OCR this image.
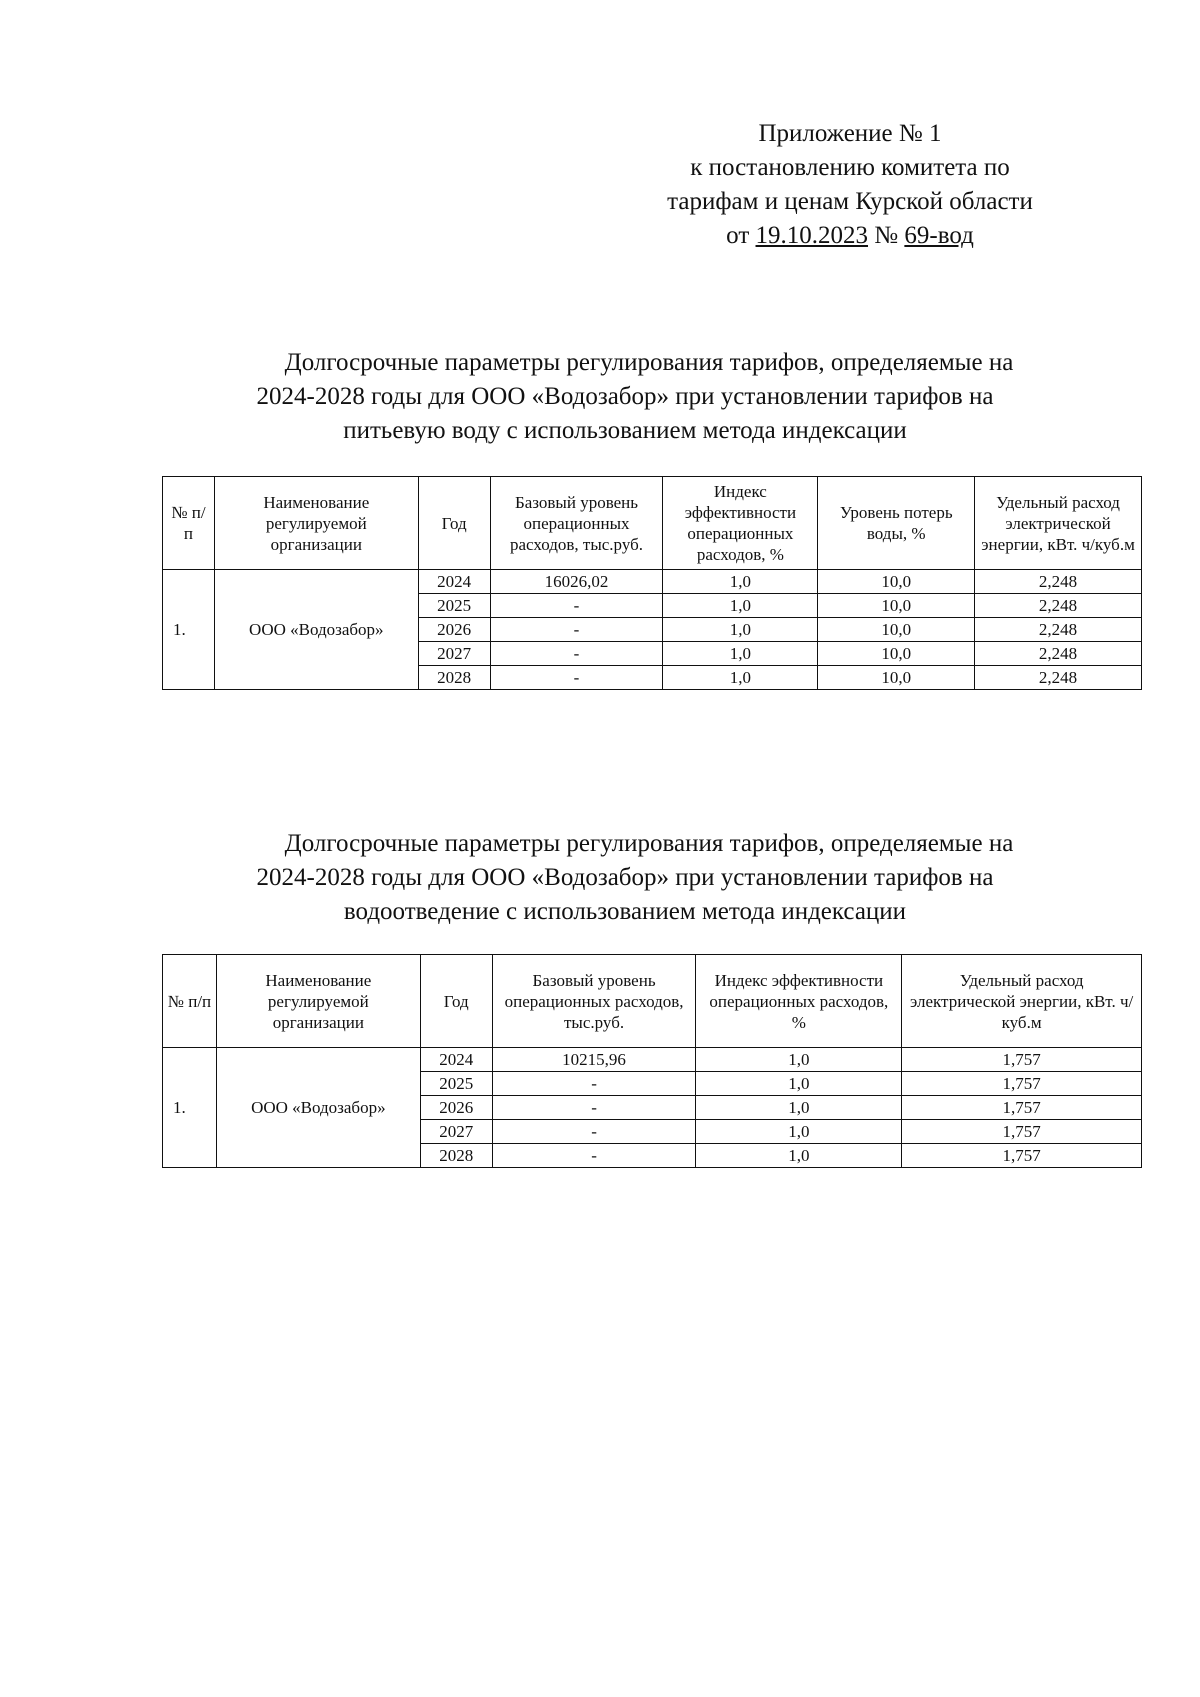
Приложение № 1
к постановлению комитета по
тарифам и ценам Курской области
от 19.10.2023 № 69-вод
Долгосрочные параметры регулирования тарифов, определяемые на
2024-2028 годы для ООО «Водозабор» при установлении тарифов на
питьевую воду с использованием метода индексации
№ п/п	Наименование регулируемой организации	Год	Базовый уровень операционных расходов, тыс.руб.	Индекс эффективности операционных расходов, %	Уровень потерь воды, %	Удельный расход электрической энергии, кВт. ч/куб.м
1.	ООО «Водозабор»	2024	16026,02	1,0	10,0	2,248
		2025	-	1,0	10,0	2,248
		2026	-	1,0	10,0	2,248
		2027	-	1,0	10,0	2,248
		2028	-	1,0	10,0	2,248
Долгосрочные параметры регулирования тарифов, определяемые на
2024-2028 годы для ООО «Водозабор» при установлении тарифов на
водоотведение с использованием метода индексации
№ п/п	Наименование регулируемой организации	Год	Базовый уровень операционных расходов, тыс.руб.	Индекс эффективности операционных расходов, %	Удельный расход электрической энергии, кВт. ч/куб.м
1.	ООО «Водозабор»	2024	10215,96	1,0	1,757
		2025	-	1,0	1,757
		2026	-	1,0	1,757
		2027	-	1,0	1,757
		2028	-	1,0	1,757
